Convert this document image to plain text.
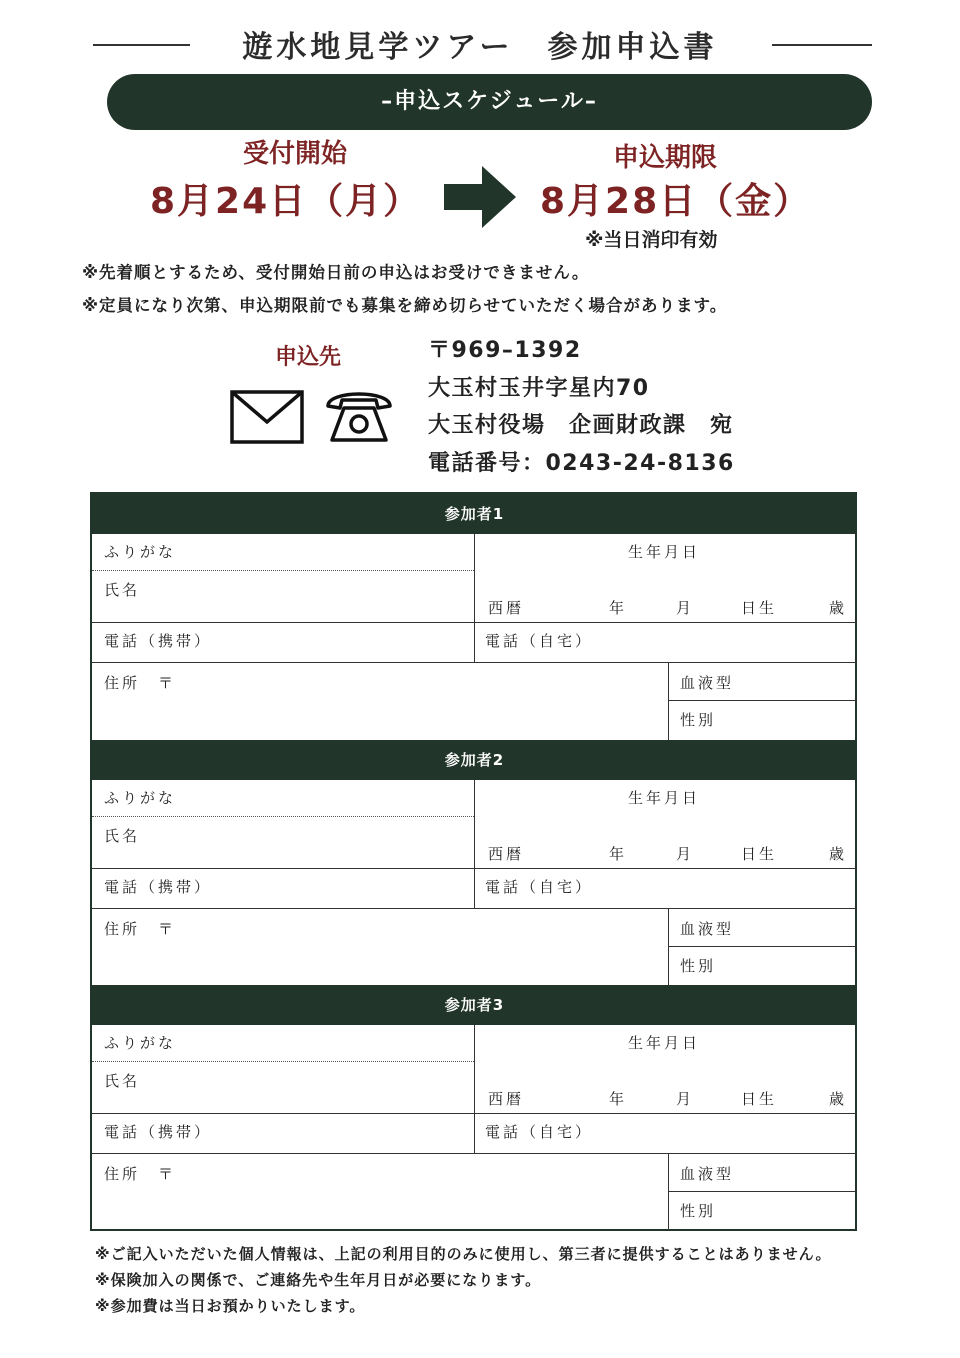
遊水地見学ツアー　参加申込書
–申込スケジュール–
受付開始
8月24日（月）
申込期限
8月28日（金）
※当日消印有効
※先着順とするため、受付開始日前の申込はお受けできません。
※定員になり次第、申込期限前でも募集を締め切らせていただく場合があります。
申込先	〒969–1392
大玉村玉井字星内70
大玉村役場　企画財政課　宛
電話番号：0243-24-8136
参加者1
ふりがな
氏名
生年月日
西暦	年	月	日生	歳
電話（携帯）	電話（自宅）
住所　〒	血液型
性別
参加者2
ふりがな
氏名
生年月日
西暦	年	月	日生	歳
電話（携帯）	電話（自宅）
住所　〒	血液型
性別
参加者3
ふりがな
氏名
生年月日
西暦	年	月	日生	歳
電話（携帯）	電話（自宅）
住所　〒	血液型
性別
※ご記入いただいた個人情報は、上記の利用目的のみに使用し、第三者に提供することはありません。
※保険加入の関係で、ご連絡先や生年月日が必要になります。
※参加費は当日お預かりいたします。
